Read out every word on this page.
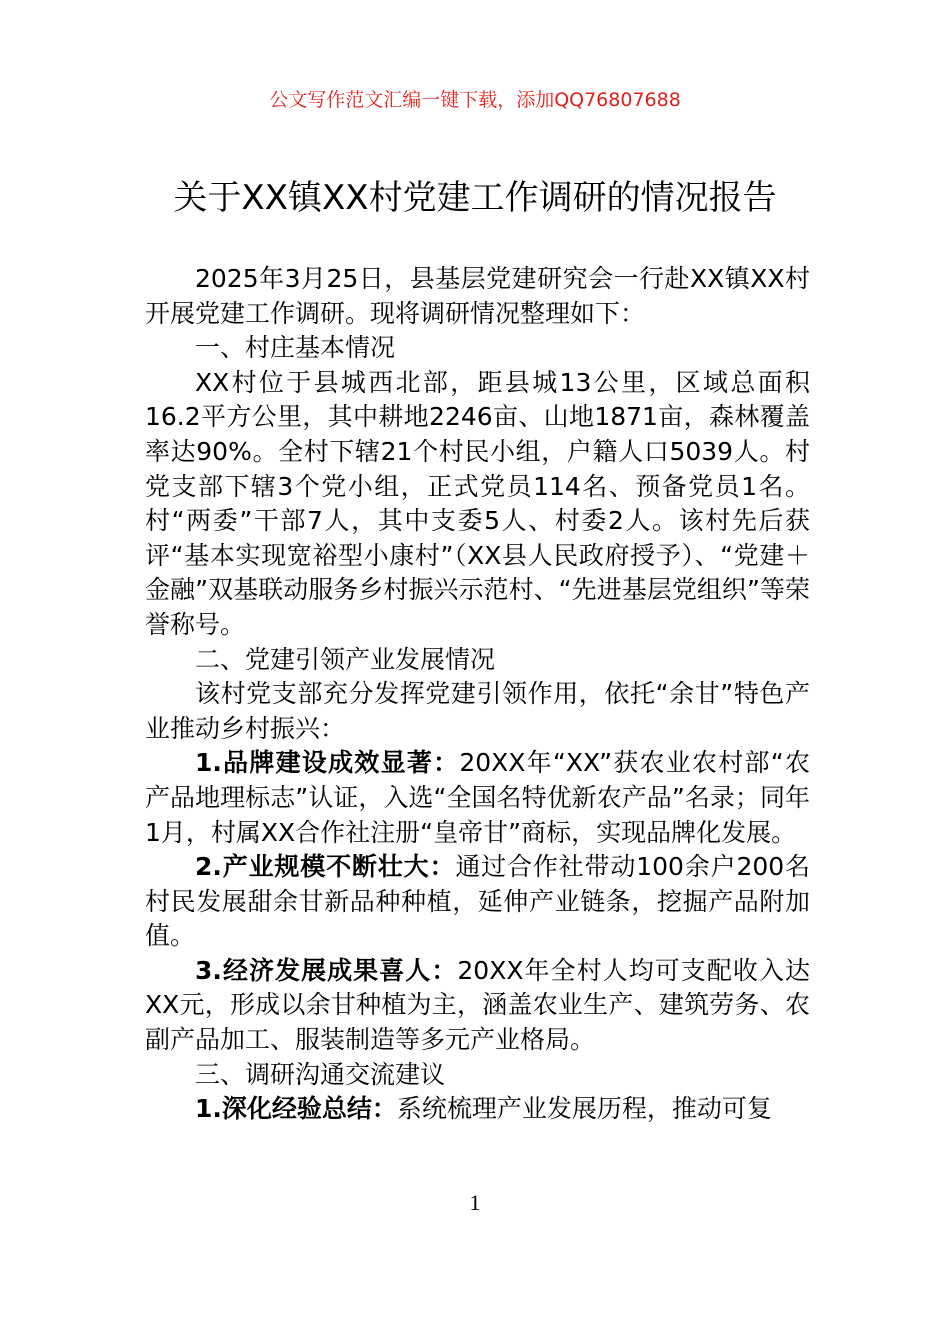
公文写作范文汇编一键下载，添加QQ76807688
关于XX镇XX村党建工作调研的情况报告

2025年3月25日，县基层党建研究会一行赴XX镇XX村开展党建工作调研。现将调研情况整理如下：

一、村庄基本情况

XX村位于县城西北部，距县城13公里，区域总面积16.2平方公里，其中耕地2246亩、山地1871亩，森林覆盖率达90%。全村下辖21个村民小组，户籍人口5039人。村党支部下辖3个党小组，正式党员114名、预备党员1名。村“两委”干部7人，其中支委5人、村委2人。该村先后获评“基本实现宽裕型小康村”（XX县人民政府授予）、“党建＋金融”双基联动服务乡村振兴示范村、“先进基层党组织”等荣誉称号。

二、党建引领产业发展情况

该村党支部充分发挥党建引领作用，依托“余甘”特色产业推动乡村振兴：

1.品牌建设成效显著：20XX年“XX”获农业农村部“农产品地理标志”认证，入选“全国名特优新农产品”名录；同年1月，村属XX合作社注册“皇帝甘”商标，实现品牌化发展。

2.产业规模不断壮大：通过合作社带动100余户200名村民发展甜余甘新品种种植，延伸产业链条，挖掘产品附加值。

3.经济发展成果喜人：20XX年全村人均可支配收入达XX元，形成以余甘种植为主，涵盖农业生产、建筑劳务、农副产品加工、服装制造等多元产业格局。

三、调研沟通交流建议

1.深化经验总结：系统梳理产业发展历程，推动可复

1
